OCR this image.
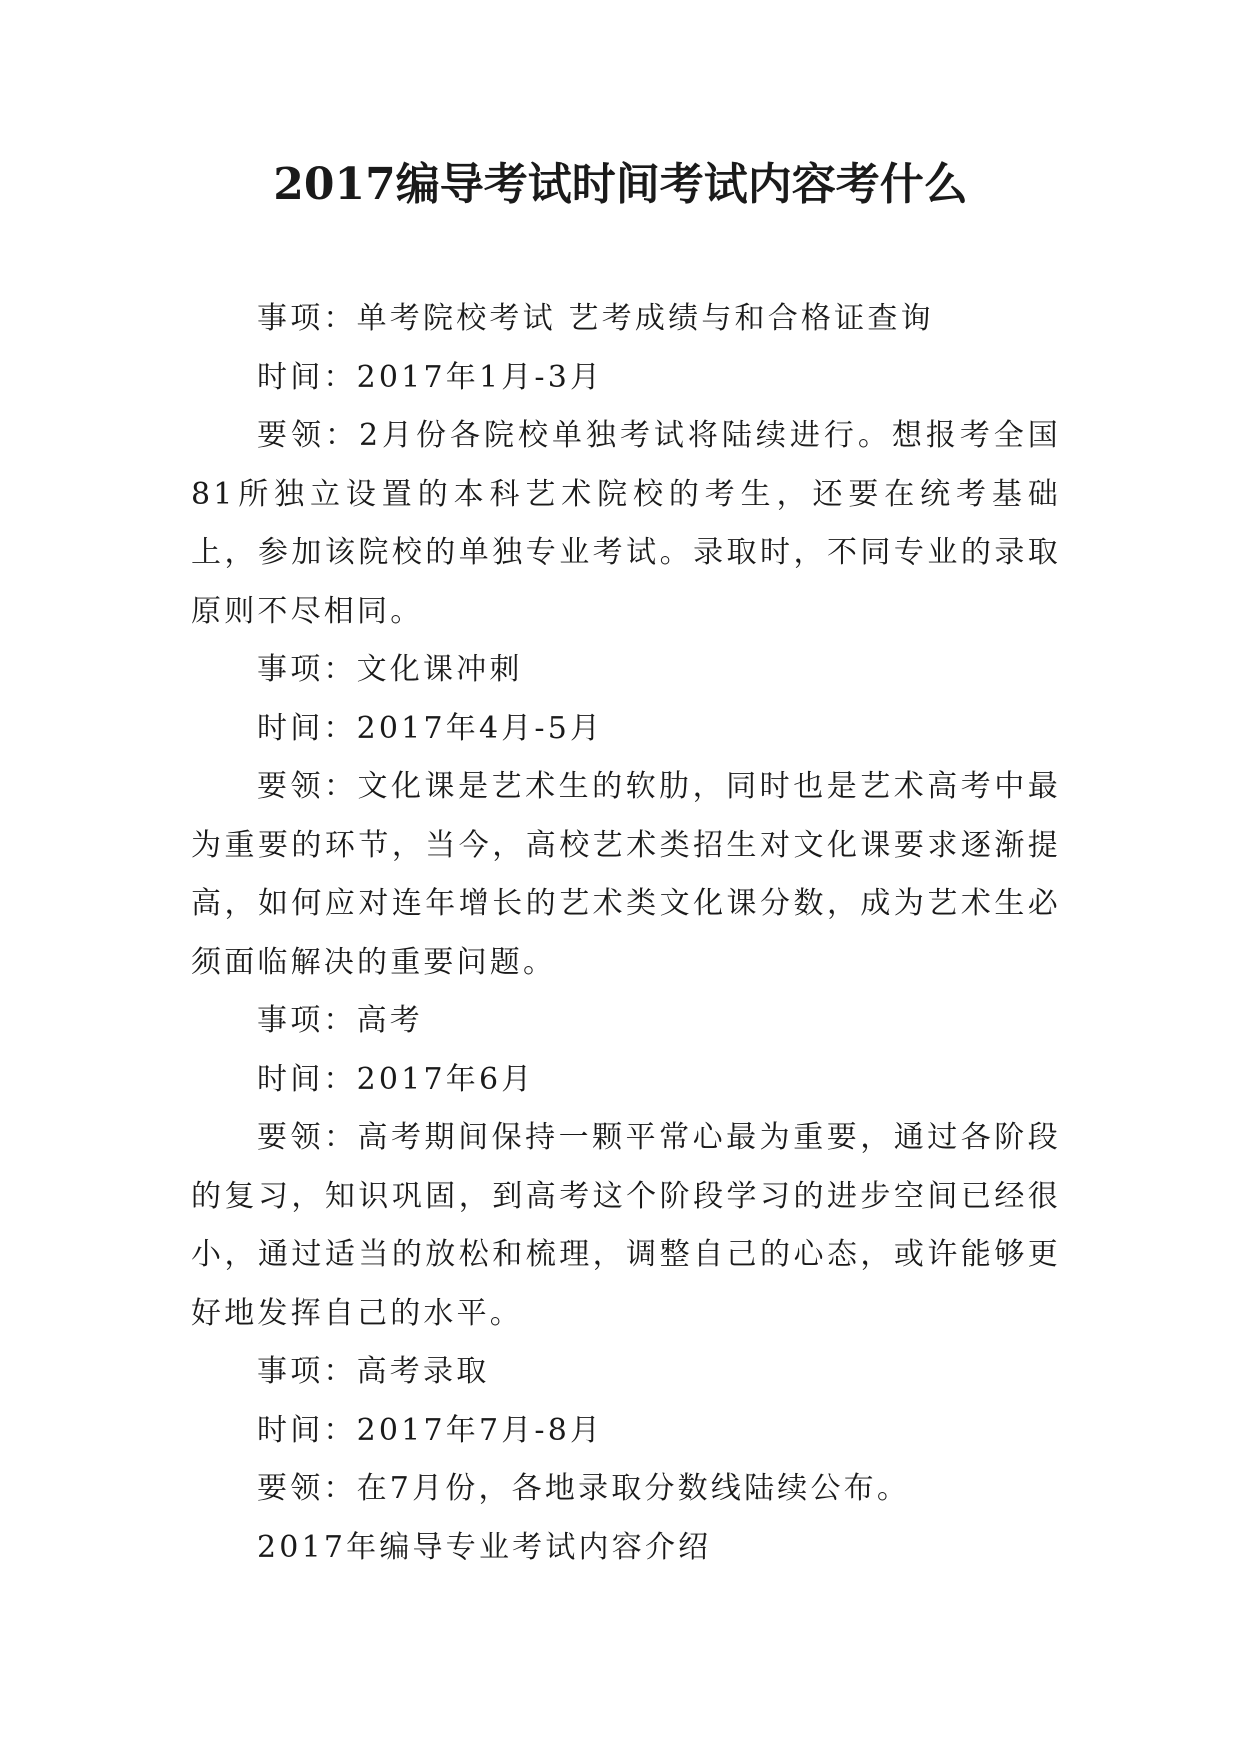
2017编导考试时间考试内容考什么

事项：单考院校考试 艺考成绩与和合格证查询

时间：2017年1月-3月

要领：2月份各院校单独考试将陆续进行。想报考全国81所独立设置的本科艺术院校的考生，还要在统考基础上，参加该院校的单独专业考试。录取时，不同专业的录取原则不尽相同。

事项：文化课冲刺

时间：2017年4月-5月

要领：文化课是艺术生的软肋，同时也是艺术高考中最为重要的环节，当今，高校艺术类招生对文化课要求逐渐提高，如何应对连年增长的艺术类文化课分数，成为艺术生必须面临解决的重要问题。

事项：高考

时间：2017年6月

要领：高考期间保持一颗平常心最为重要，通过各阶段的复习，知识巩固，到高考这个阶段学习的进步空间已经很小，通过适当的放松和梳理，调整自己的心态，或许能够更好地发挥自己的水平。

事项：高考录取

时间：2017年7月-8月

要领：在7月份，各地录取分数线陆续公布。

2017年编导专业考试内容介绍
